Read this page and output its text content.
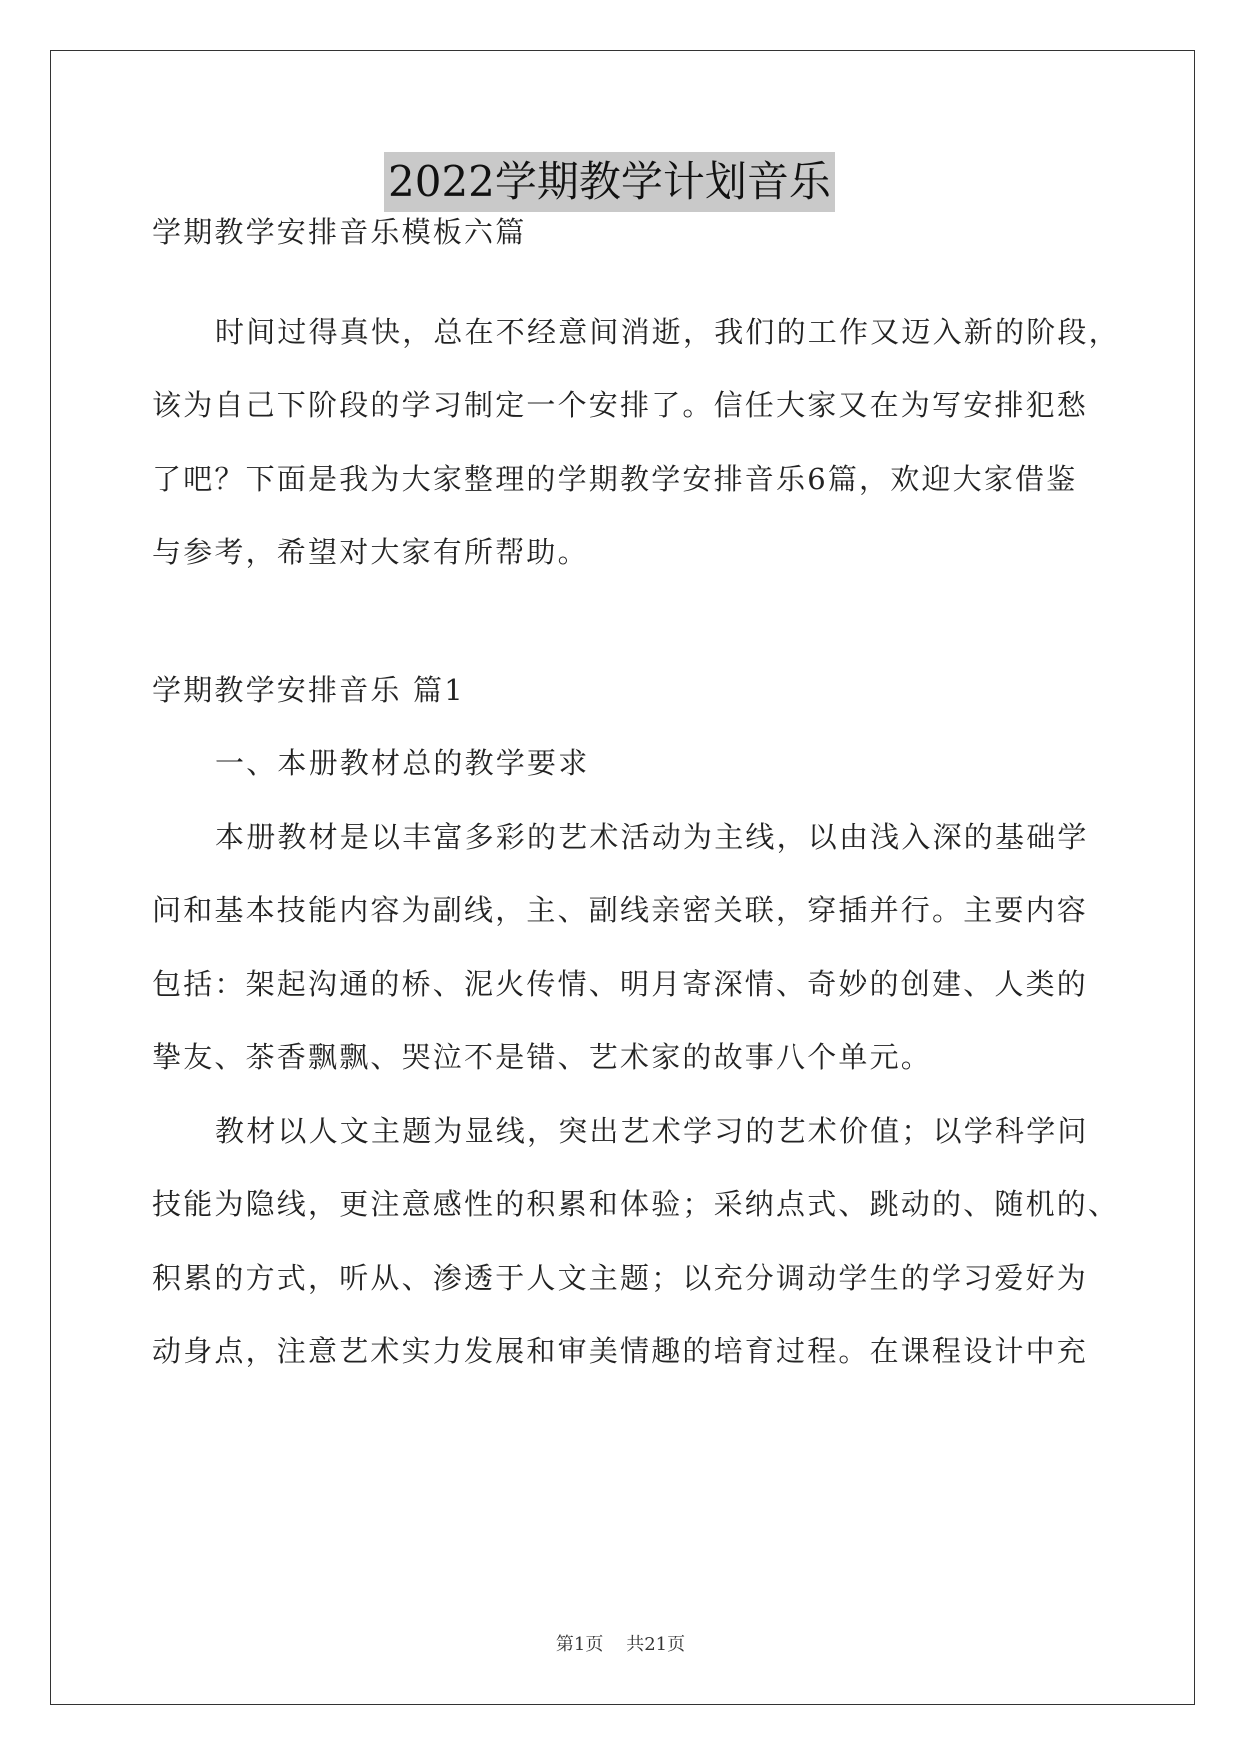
2022学期教学计划音乐
学期教学安排音乐模板六篇
时间过得真快，总在不经意间消逝，我们的工作又迈入新的阶段，
该为自己下阶段的学习制定一个安排了。信任大家又在为写安排犯愁
了吧？下面是我为大家整理的学期教学安排音乐6篇，欢迎大家借鉴
与参考，希望对大家有所帮助。
学期教学安排音乐 篇1
一、本册教材总的教学要求
本册教材是以丰富多彩的艺术活动为主线，以由浅入深的基础学
问和基本技能内容为副线，主、副线亲密关联，穿插并行。主要内容
包括：架起沟通的桥、泥火传情、明月寄深情、奇妙的创建、人类的
挚友、茶香飘飘、哭泣不是错、艺术家的故事八个单元。
教材以人文主题为显线，突出艺术学习的艺术价值；以学科学问
技能为隐线，更注意感性的积累和体验；采纳点式、跳动的、随机的、
积累的方式，听从、渗透于人文主题；以充分调动学生的学习爱好为
动身点，注意艺术实力发展和审美情趣的培育过程。在课程设计中充
第1页    共21页
